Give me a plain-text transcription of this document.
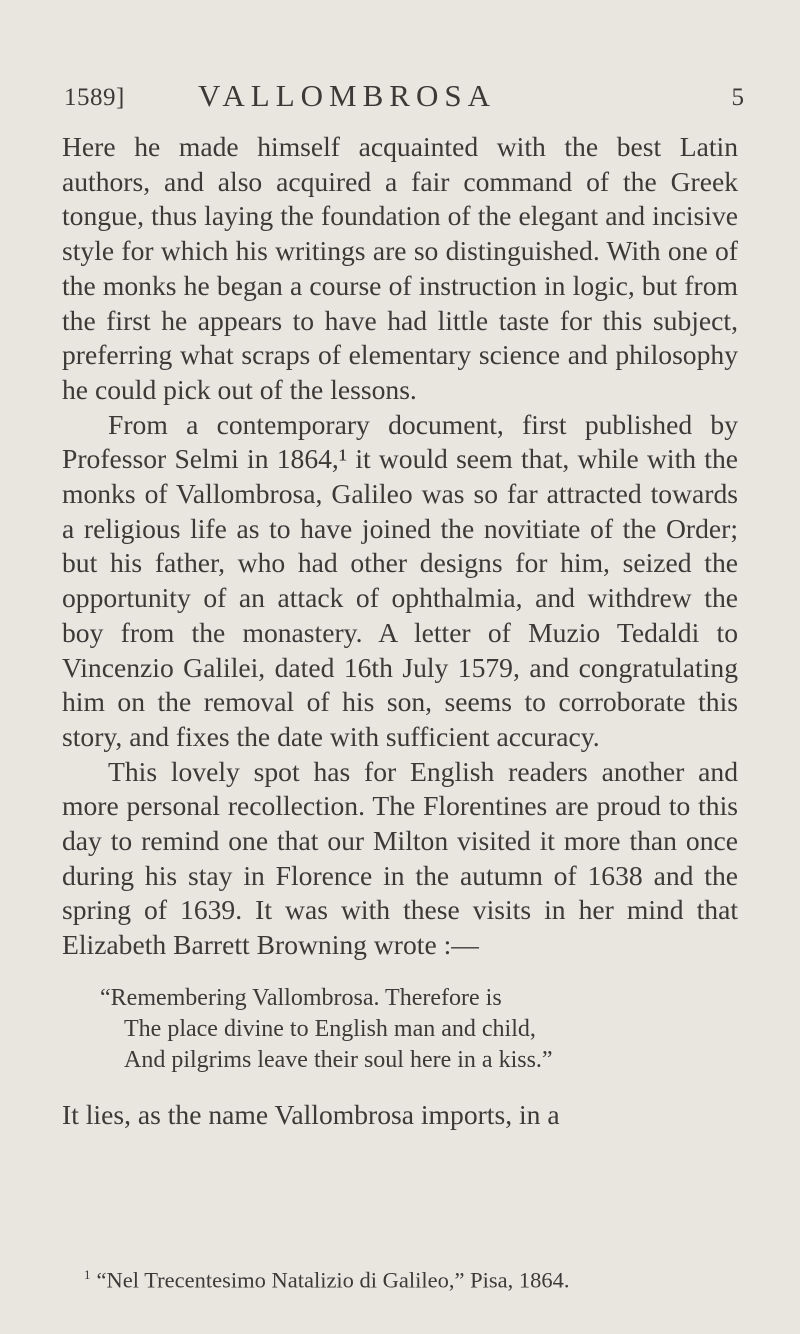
1589] VALLOMBROSA	5

Here he made himself acquainted with the best Latin authors, and also acquired a fair command of the Greek tongue, thus laying the foundation of the elegant and incisive style for which his writings are so distinguished. With one of the monks he began a course of instruction in logic, but from the first he appears to have had little taste for this subject, preferring what scraps of elementary science and philosophy he could pick out of the lessons.

From a contemporary document, first published by Professor Selmi in 1864,¹ it would seem that, while with the monks of Vallombrosa, Galileo was so far attracted towards a religious life as to have joined the novitiate of the Order; but his father, who had other designs for him, seized the opportunity of an attack of ophthalmia, and withdrew the boy from the monastery. A letter of Muzio Tedaldi to Vincenzio Galilei, dated 16th July 1579, and congratulating him on the removal of his son, seems to corroborate this story, and fixes the date with sufficient accuracy.

This lovely spot has for English readers another and more personal recollection. The Florentines are proud to this day to remind one that our Milton visited it more than once during his stay in Florence in the autumn of 1638 and the spring of 1639. It was with these visits in her mind that Elizabeth Barrett Browning wrote :—

“Remembering Vallombrosa. Therefore is
The place divine to English man and child,
And pilgrims leave their soul here in a kiss.”

It lies, as the name Vallombrosa imports, in a

$^1$ “Nel Trecentesimo Natalizio di Galileo,” Pisa, 1864.
